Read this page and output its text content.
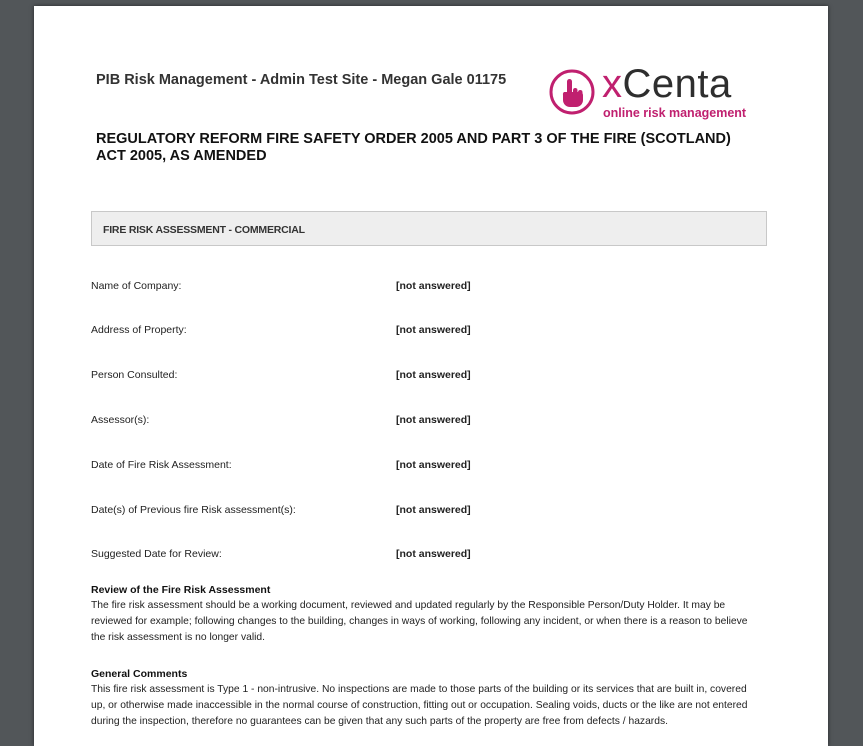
PIB Risk Management - Admin Test Site - Megan Gale 01175 xCenta
online risk management
REGULATORY REFORM FIRE SAFETY ORDER 2005 AND PART 3 OF THE FIRE (SCOTLAND) ACT 2005, AS AMENDED
FIRE RISK ASSESSMENT - COMMERCIAL
Name of Company:	[not answered]
Address of Property:	[not answered]
Person Consulted:	[not answered]
Assessor(s):	[not answered]
Date of Fire Risk Assessment:	[not answered]
Date(s) of Previous fire Risk assessment(s):	[not answered]
Suggested Date for Review:	[not answered]
Review of the Fire Risk Assessment
The fire risk assessment should be a working document, reviewed and updated regularly by the Responsible Person/Duty Holder. It may be
reviewed for example; following changes to the building, changes in ways of working, following any incident, or when there is a reason to believe
the risk assessment is no longer valid.
General Comments
This fire risk assessment is Type 1 - non-intrusive. No inspections are made to those parts of the building or its services that are built in, covered
up, or otherwise made inaccessible in the normal course of construction, fitting out or occupation. Sealing voids, ducts or the like are not entered
during the inspection, therefore no guarantees can be given that any such parts of the property are free from defects / hazards.
